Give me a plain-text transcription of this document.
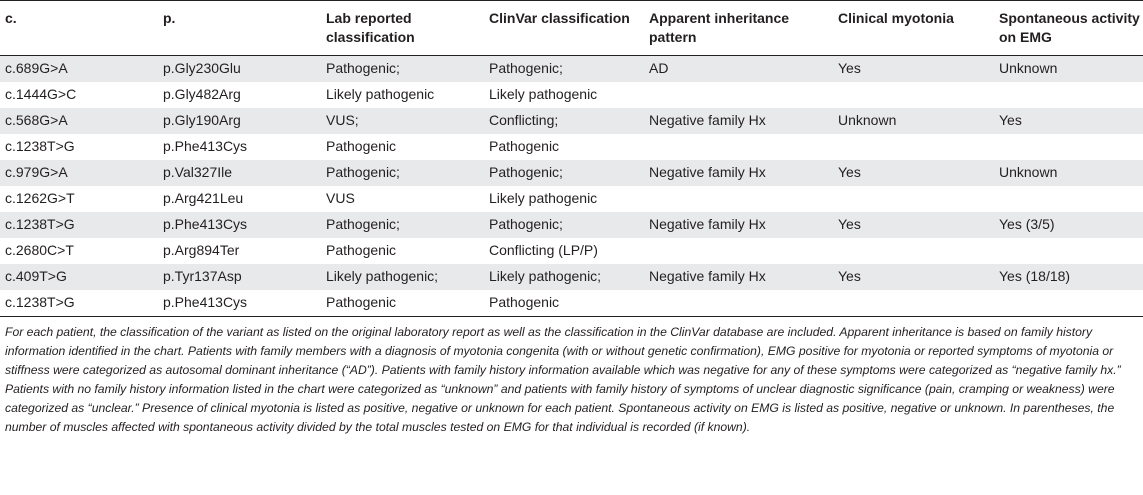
c.	p.	Lab reported classification	ClinVar classification	Apparent inheritance pattern	Clinical myotonia	Spontaneous activity on EMG
c.689G>A	p.Gly230Glu	Pathogenic;	Pathogenic;	AD	Yes	Unknown
c.1444G>C	p.Gly482Arg	Likely pathogenic	Likely pathogenic			
c.568G>A	p.Gly190Arg	VUS;	Conflicting;	Negative family Hx	Unknown	Yes
c.1238T>G	p.Phe413Cys	Pathogenic	Pathogenic			
c.979G>A	p.Val327Ile	Pathogenic;	Pathogenic;	Negative family Hx	Yes	Unknown
c.1262G>T	p.Arg421Leu	VUS	Likely pathogenic			
c.1238T>G	p.Phe413Cys	Pathogenic;	Pathogenic;	Negative family Hx	Yes	Yes (3/5)
c.2680C>T	p.Arg894Ter	Pathogenic	Conflicting (LP/P)			
c.409T>G	p.Tyr137Asp	Likely pathogenic;	Likely pathogenic;	Negative family Hx	Yes	Yes (18/18)
c.1238T>G	p.Phe413Cys	Pathogenic	Pathogenic			

For each patient, the classification of the variant as listed on the original laboratory report as well as the classification in the ClinVar database are included. Apparent inheritance is based on family history information identified in the chart. Patients with family members with a diagnosis of myotonia congenita (with or without genetic confirmation), EMG positive for myotonia or reported symptoms of myotonia or stiffness were categorized as autosomal dominant inheritance (“AD”). Patients with family history information available which was negative for any of these symptoms were categorized as “negative family hx.” Patients with no family history information listed in the chart were categorized as “unknown” and patients with family history of symptoms of unclear diagnostic significance (pain, cramping or weakness) were categorized as “unclear.” Presence of clinical myotonia is listed as positive, negative or unknown for each patient. Spontaneous activity on EMG is listed as positive, negative or unknown. In parentheses, the number of muscles affected with spontaneous activity divided by the total muscles tested on EMG for that individual is recorded (if known).
